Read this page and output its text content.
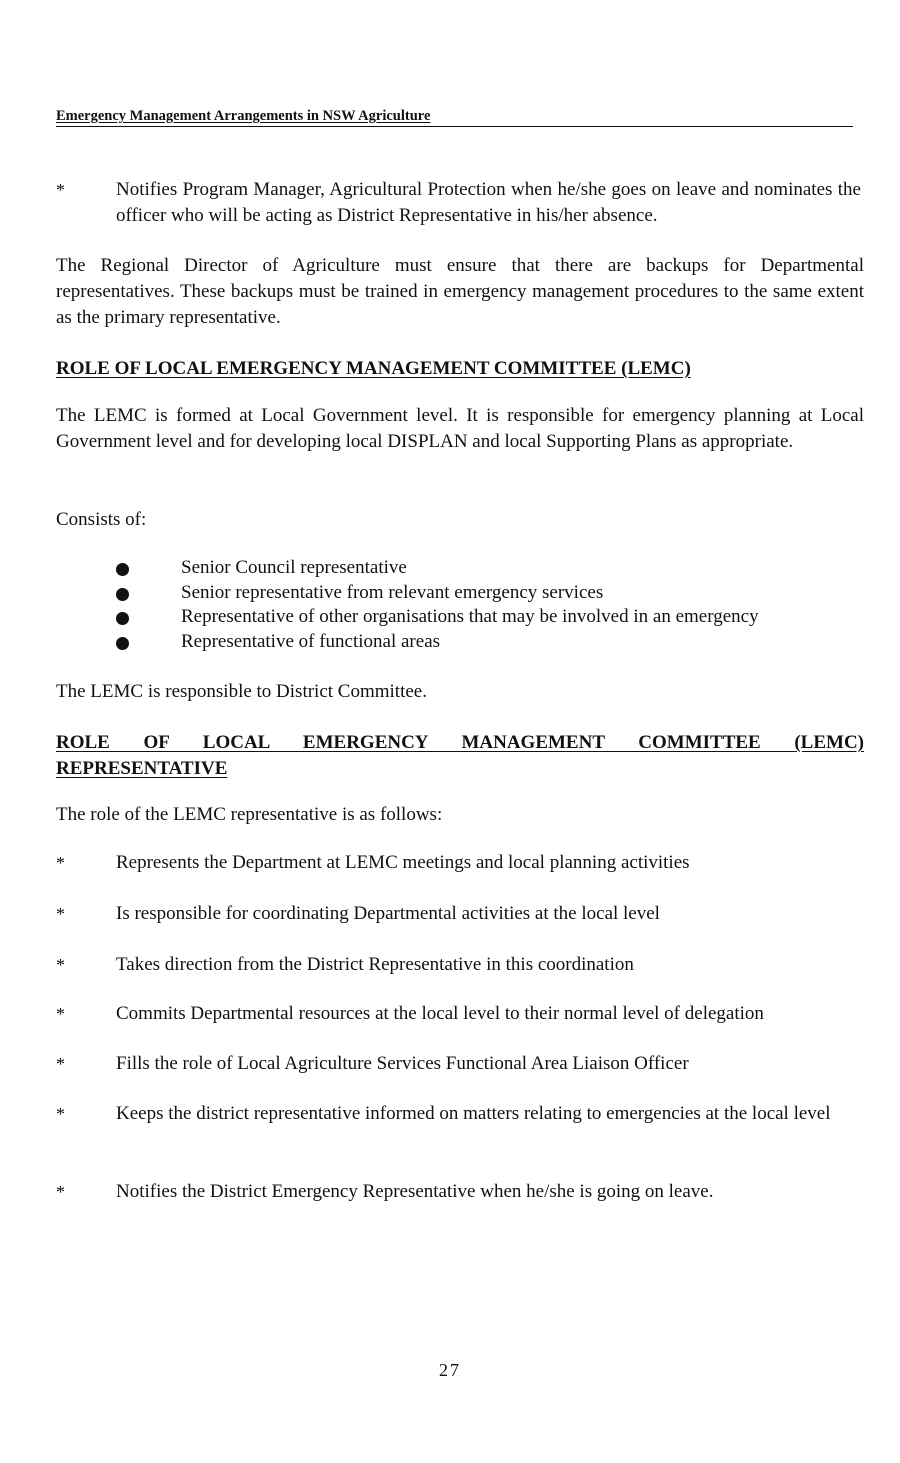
Emergency Management Arrangements in NSW Agriculture
*	Notifies Program Manager, Agricultural Protection when he/she goes on leave and nominates the officer who will be acting as District Representative in his/her absence.
The Regional Director of Agriculture must ensure that there are backups for Departmental representatives. These backups must be trained in emergency management procedures to the same extent as the primary representative.
ROLE OF LOCAL EMERGENCY MANAGEMENT COMMITTEE (LEMC)
The LEMC is formed at Local Government level. It is responsible for emergency planning at Local Government level and for developing local DISPLAN and local Supporting Plans as appropriate.
Consists of:
Senior Council representative
Senior representative from relevant emergency services
Representative of other organisations that may be involved in an emergency
Representative of functional areas
The LEMC is responsible to District Committee.
ROLE OF LOCAL EMERGENCY MANAGEMENT COMMITTEE (LEMC)
REPRESENTATIVE
The role of the LEMC representative is as follows:
*	Represents the Department at LEMC meetings and local planning activities
*	Is responsible for coordinating Departmental activities at the local level
*	Takes direction from the District Representative in this coordination
*	Commits Departmental resources at the local level to their normal level of delegation
*	Fills the role of Local Agriculture Services Functional Area Liaison Officer
*	Keeps the district representative informed on matters relating to emergencies at the local level
*	Notifies the District Emergency Representative when he/she is going on leave.
27
